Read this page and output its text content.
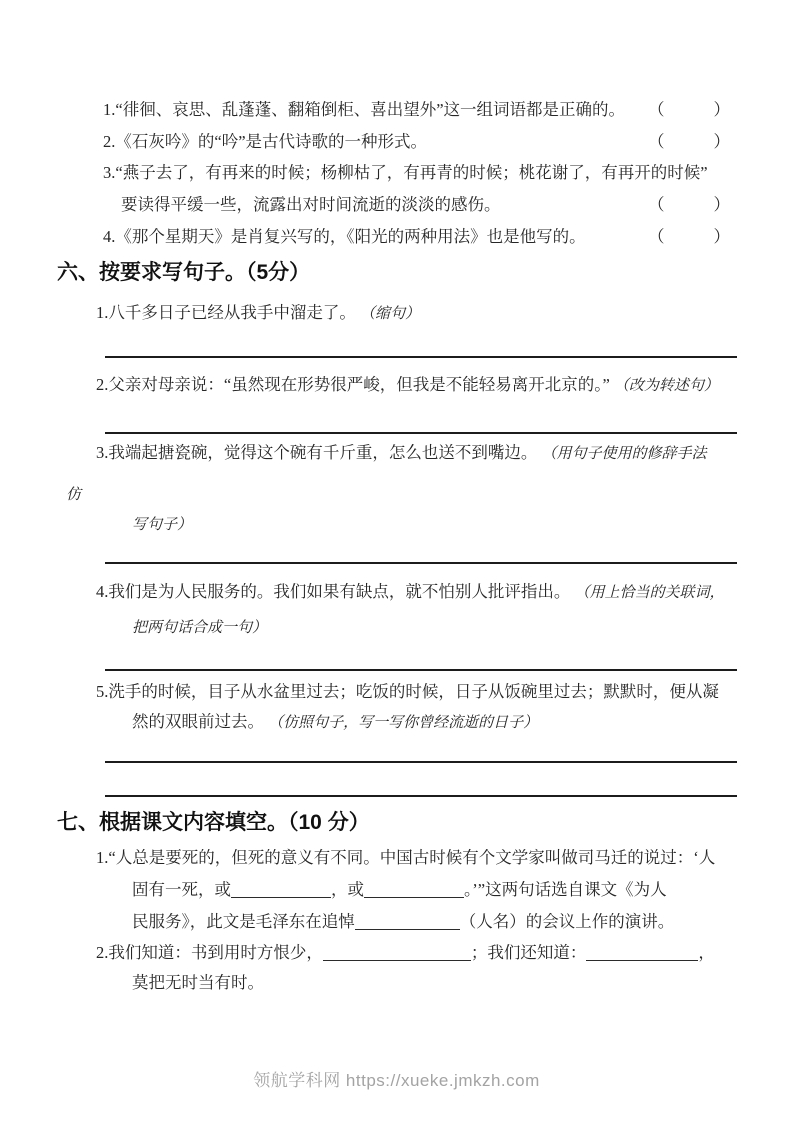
1.“徘徊、哀思、乱蓬蓬、翻箱倒柜、喜出望外”这一组词语都是正确的。 （	）
2.《石灰吟》的“吟”是古代诗歌的一种形式。	（	）
3.“燕子去了，有再来的时候；杨柳枯了，有再青的时候；桃花谢了，有再开的时候”
要读得平缓一些，流露出对时间流逝的淡淡的感伤。	（	）
4.《那个星期天》是肖复兴写的，《阳光的两种用法》也是他写的。	（	）
六、按要求写句子。（5分）
1.八千多日子已经从我手中溜走了。 （缩句）
2.父亲对母亲说：“虽然现在形势很严峻，但我是不能轻易离开北京的。” （改为转述句）
3.我端起搪瓷碗，觉得这个碗有千斤重，怎么也送不到嘴边。 （用句子使用的修辞手法
仿
写句子）
4.我们是为人民服务的。我们如果有缺点，就不怕别人批评指出。 （用上恰当的关联词，
把两句话合成一句）
5.洗手的时候，目子从水盆里过去；吃饭的时候，日子从饭碗里过去；默默时，便从凝
然的双眼前过去。 （仿照句子，写一写你曾经流逝的日子）
七、根据课文内容填空。（10 分）
1.“人总是要死的，但死的意义有不同。中国古时候有个文学家叫做司马迁的说过：‘人
固有一死，或	，或	。’”这两句话选自课文《为人
民服务》，此文是毛泽东在追悼	（人名）的会议上作的演讲。
2.我们知道：书到用时方恨少，	；我们还知道：	，
莫把无时当有时。
领航学科网 https://xueke.jmkzh.com
